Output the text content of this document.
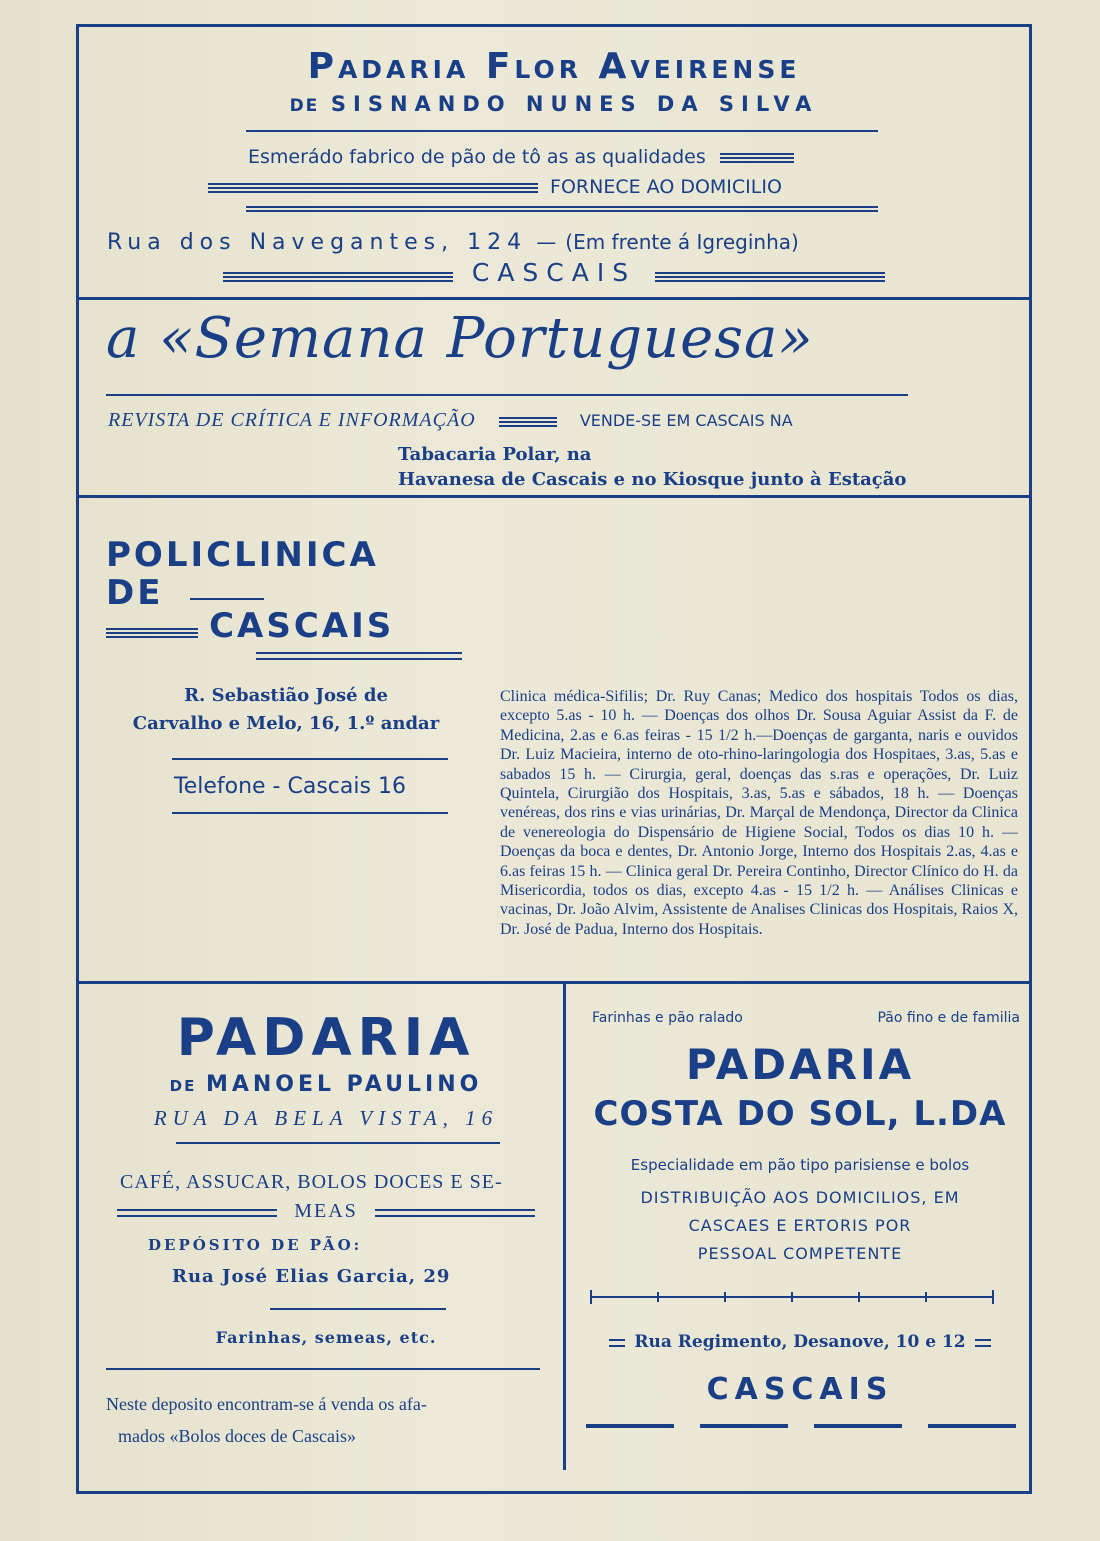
Padaria Flor Aveirense
DE SISNANDO NUNES DA SILVA
Esmerádo fabrico de pão de tô as as qualidades
FORNECE AO DOMICILIO
Rua dos Navegantes, 124 — (Em frente á Igreginha)
CASCAIS
a «Semana Portuguesa»
REVISTA DE CRÍTICA E INFORMAÇÃO	VENDE-SE EM CASCAIS NA
Tabacaria Polar, na
Havanesa de Cascais e no Kiosque junto à Estação
POLICLINICA
DE
CASCAIS
R. Sebastião José de
Carvalho e Melo, 16, 1.º andar
Telefone - Cascais 16
Clinica médica-Sifilis; Dr. Ruy Canas; Medico dos hospitais Todos os dias, excepto 5.as - 10 h. — Doenças dos olhos Dr. Sousa Aguiar Assist da F. de Medicina, 2.as e 6.as feiras - 15 1/2 h.—Doenças de garganta, naris e ouvidos Dr. Luiz Macieira, interno de oto-rhino-laringologia dos Hospitaes, 3.as, 5.as e sabados 15 h. — Cirurgia, geral, doenças das s.ras e operações, Dr. Luiz Quintela, Cirurgião dos Hospitais, 3.as, 5.as e sábados, 18 h. — Doenças venéreas, dos rins e vias urinárias, Dr. Marçal de Mendonça, Director da Clinica de venereologia do Dispensário de Higiene Social, Todos os dias 10 h. — Doenças da boca e dentes, Dr. Antonio Jorge, Interno dos Hospitais 2.as, 4.as e 6.as feiras 15 h. — Clinica geral Dr. Pereira Continho, Director Clínico do H. da Misericordia, todos os dias, excepto 4.as - 15 1/2 h. — Análises Clinicas e vacinas, Dr. João Alvim, Assistente de Analises Clinicas dos Hospitais, Raios X, Dr. José de Padua, Interno dos Hospitais.
PADARIA
DE MANOEL PAULINO
RUA DA BELA VISTA, 16
CAFÉ, ASSUCAR, BOLOS DOCES E SE-
MEAS
DEPÓSITO DE PÃO:
Rua José Elias Garcia, 29
Farinhas, semeas, etc.
Neste deposito encontram-se á venda os afa-
mados «Bolos doces de Cascais»
Farinhas e pão ralado	Pão fino e de familia
PADARIA
COSTA DO SOL, L.DA
Especialidade em pão tipo parisiense e bolos
DISTRIBUIÇÃO AOS DOMICILIOS, EM
CASCAES E ERTORIS POR
PESSOAL COMPETENTE
Rua Regimento, Desanove, 10 e 12
CASCAIS
